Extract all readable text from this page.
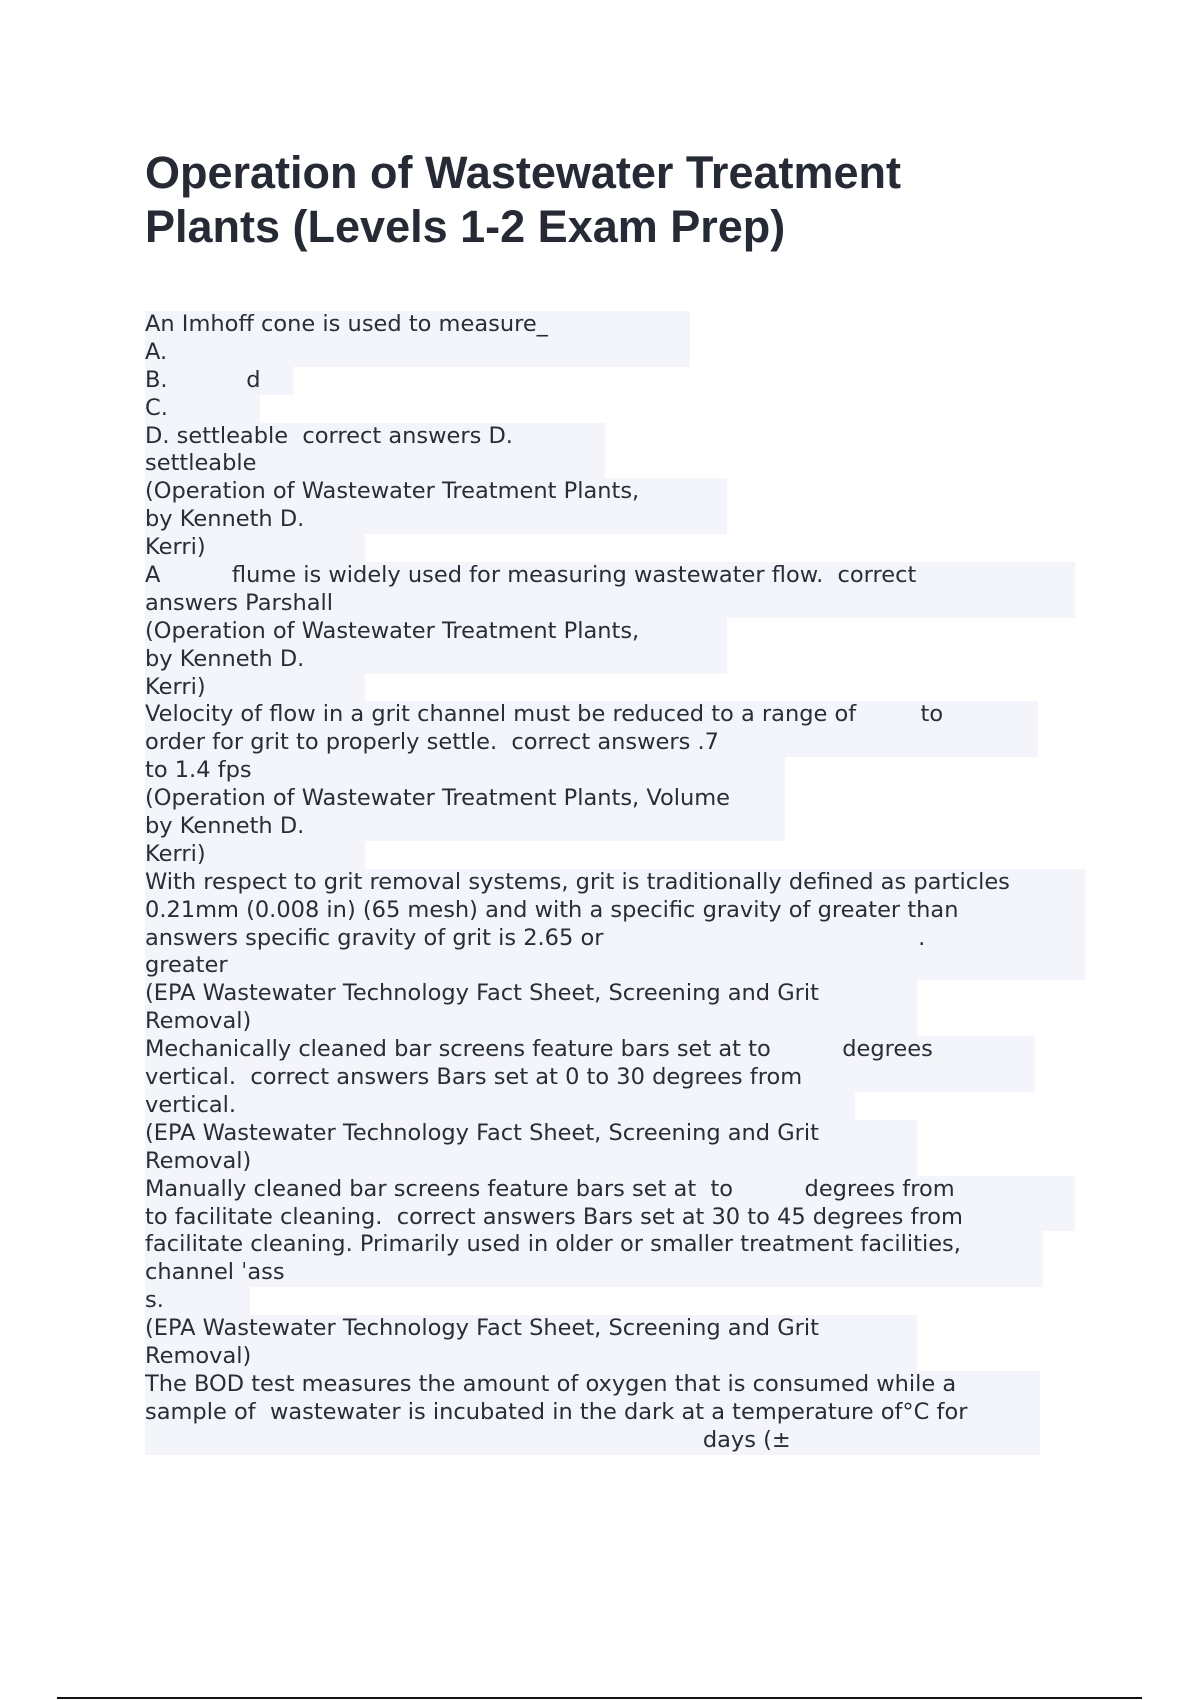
Operation of Wastewater Treatment Plants (Levels 1-2 Exam Prep)
An Imhoff cone is used to measure_
A.
B.           d
C.
D. settleable  correct answers D.
settleable
(Operation of Wastewater Treatment Plants,
by Kenneth D.
Kerri)
A          flume is widely used for measuring wastewater flow.  correct
answers Parshall
(Operation of Wastewater Treatment Plants,
by Kenneth D.
Kerri)
Velocity of flow in a grit channel must be reduced to a range of         to
order for grit to properly settle.  correct answers .7
to 1.4 fps
(Operation of Wastewater Treatment Plants, Volume
by Kenneth D.
Kerri)
With respect to grit removal systems, grit is traditionally defined as particles
0.21mm (0.008 in) (65 mesh) and with a specific gravity of greater than
answers specific gravity of grit is 2.65 or                                            .
greater
(EPA Wastewater Technology Fact Sheet, Screening and Grit
Removal)
Mechanically cleaned bar screens feature bars set at to          degrees
vertical.  correct answers Bars set at 0 to 30 degrees from
vertical.
(EPA Wastewater Technology Fact Sheet, Screening and Grit
Removal)
Manually cleaned bar screens feature bars set at  to          degrees from
to facilitate cleaning.  correct answers Bars set at 30 to 45 degrees from
facilitate cleaning. Primarily used in older or smaller treatment facilities,
channel ˈass
s.
(EPA Wastewater Technology Fact Sheet, Screening and Grit
Removal)
The BOD test measures the amount of oxygen that is consumed while a
sample of  wastewater is incubated in the dark at a temperature of°C for
days (±
